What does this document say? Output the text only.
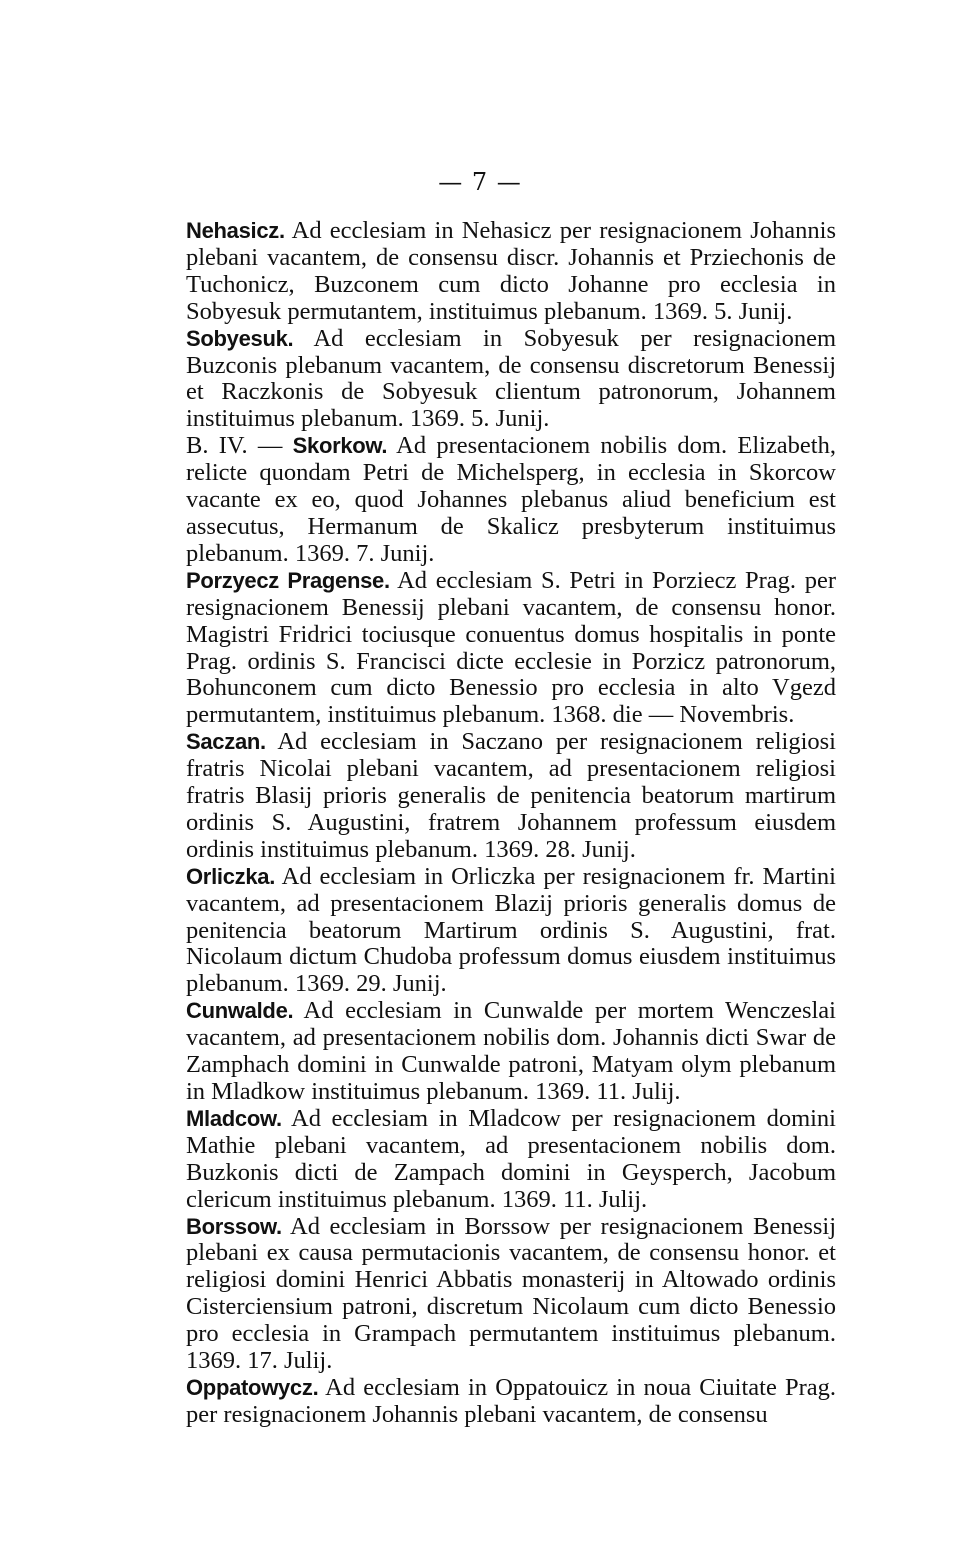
— 7 —

Nehasicz. Ad ecclesiam in Nehasicz per resignacionem Johannis plebani vacantem, de consensu discr. Johannis et Prziechonis de Tuchonicz, Buzconem cum dicto Johanne pro ecclesia in Sobyesuk permutantem, instituimus plebanum. 1369. 5. Junij.

Sobyesuk. Ad ecclesiam in Sobyesuk per resignacionem Buzconis plebanum vacantem, de consensu discretorum Benessij et Raczkonis de Sobyesuk clientum patronorum, Johannem instituimus plebanum. 1369. 5. Junij.

B. IV. — Skorkow. Ad presentacionem nobilis dom. Elizabeth, relicte quondam Petri de Michelsperg, in ecclesia in Skorcow vacante ex eo, quod Johannes plebanus aliud beneficium est assecutus, Hermanum de Skalicz presbyterum instituimus plebanum. 1369. 7. Junij.

Porzyecz Pragense. Ad ecclesiam S. Petri in Porziecz Prag. per resignacionem Benessij plebani vacantem, de consensu honor. Magistri Fridrici tociusque conuentus domus hospitalis in ponte Prag. ordinis S. Francisci dicte ecclesie in Porzicz patronorum, Bohunconem cum dicto Benessio pro ecclesia in alto Vgezd permutantem, instituimus plebanum. 1368. die — Novembris.

Saczan. Ad ecclesiam in Saczano per resignacionem religiosi fratris Nicolai plebani vacantem, ad presentacionem religiosi fratris Blasij prioris generalis de penitencia beatorum martirum ordinis S. Augustini, fratrem Johannem professum eiusdem ordinis instituimus plebanum. 1369. 28. Junij.

Orliczka. Ad ecclesiam in Orliczka per resignacionem fr. Martini vacantem, ad presentacionem Blazij prioris generalis domus de penitencia beatorum Martirum ordinis S. Augustini, frat. Nicolaum dictum Chudoba professum domus eiusdem instituimus plebanum. 1369. 29. Junij.

Cunwalde. Ad ecclesiam in Cunwalde per mortem Wenczeslai vacantem, ad presentacionem nobilis dom. Johannis dicti Swar de Zamphach domini in Cunwalde patroni, Matyam olym plebanum in Mladkow instituimus plebanum. 1369. 11. Julij.

Mladcow. Ad ecclesiam in Mladcow per resignacionem domini Mathie plebani vacantem, ad presentacionem nobilis dom. Buzkonis dicti de Zampach domini in Geysperch, Jacobum clericum instituimus plebanum. 1369. 11. Julij.

Borssow. Ad ecclesiam in Borssow per resignacionem Benessij plebani ex causa permutacionis vacantem, de consensu honor. et religiosi domini Henrici Abbatis monasterij in Altowado ordinis Cisterciensium patroni, discretum Nicolaum cum dicto Benessio pro ecclesia in Grampach permutantem instituimus plebanum. 1369. 17. Julij.

Oppatowycz. Ad ecclesiam in Oppatouicz in noua Ciuitate Prag. per resignacionem Johannis plebani vacantem, de consensu
